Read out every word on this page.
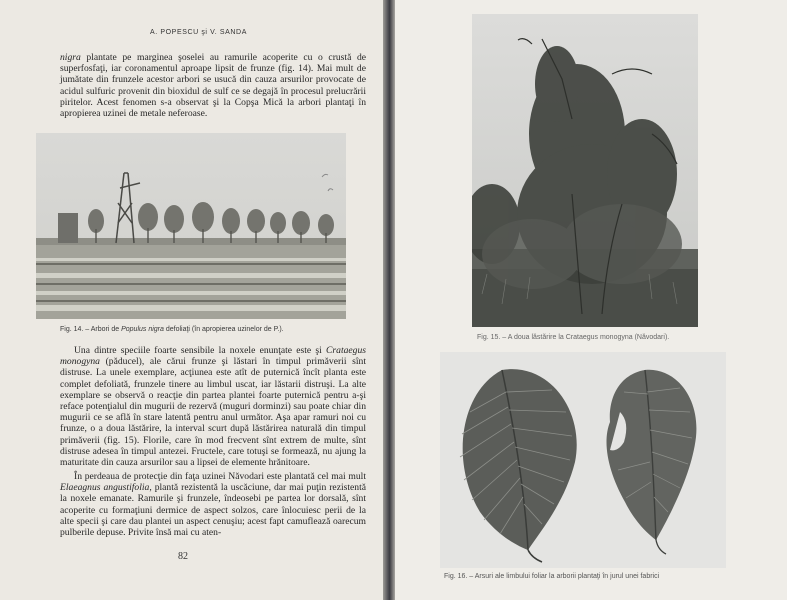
A. POPESCU şi V. SANDA

nigra plantate pe marginea şoselei au ramurile acoperite cu o crustă de superfosfaţi, iar coronamentul aproape lipsit de frunze (fig. 14). Mai mult de jumătate din frunzele acestor arbori se usucă din cauza arsurilor provocate de acidul sulfuric provenit din bioxidul de sulf ce se degajă în procesul prelucrării piritelor. Acest fenomen s-a observat şi la Copşa Mică la arbori plantaţi în apropierea uzinei de metale neferoase.

Fig. 14. – Arbori de Populus nigra defoliaţi (în apropierea uzinelor de P.).

Una dintre speciile foarte sensibile la noxele enunţate este şi Crataegus monogyna (păducel), ale cărui frunze şi lăstari în timpul primăverii sînt distruse. La unele exemplare, acţiunea este atît de puternică încît planta este complet defoliată, frunzele tinere au limbul uscat, iar lăstarii distruşi. La alte exemplare se observă o reacţie din partea plantei foarte puternică pentru a-şi reface potenţialul din mugurii de rezervă (muguri dorminzi) sau poate chiar din mugurii ce se află în stare latentă pentru anul următor. Aşa apar ramuri noi cu frunze, o a doua lăstărire, la interval scurt după lăstărirea naturală din timpul primăverii (fig. 15). Florile, care în mod frecvent sînt extrem de multe, sînt distruse adesea în timpul antezei. Fructele, care totuşi se formează, nu ajung la maturitate din cauza arsurilor sau a lipsei de elemente hrănitoare.

În perdeaua de protecţie din faţa uzinei Năvodari este plantată cel mai mult Elaeagnus angustifolia, plantă rezistentă la uscăciune, dar mai puţin rezistentă la noxele emanate. Ramurile şi frunzele, îndeosebi pe partea lor dorsală, sînt acoperite cu formaţiuni dermice de aspect solzos, care înlocuiesc perii de la alte specii şi care dau plantei un aspect cenuşiu; acest fapt camuflează oarecum pulberile depuse. Privite însă mai cu aten-

82
Fig. 15. – A doua lăstărire la Crataegus monogyna (Năvodari).
Fig. 16. – Arsuri ale limbului foliar la arborii plantaţi în jurul unei fabrici
